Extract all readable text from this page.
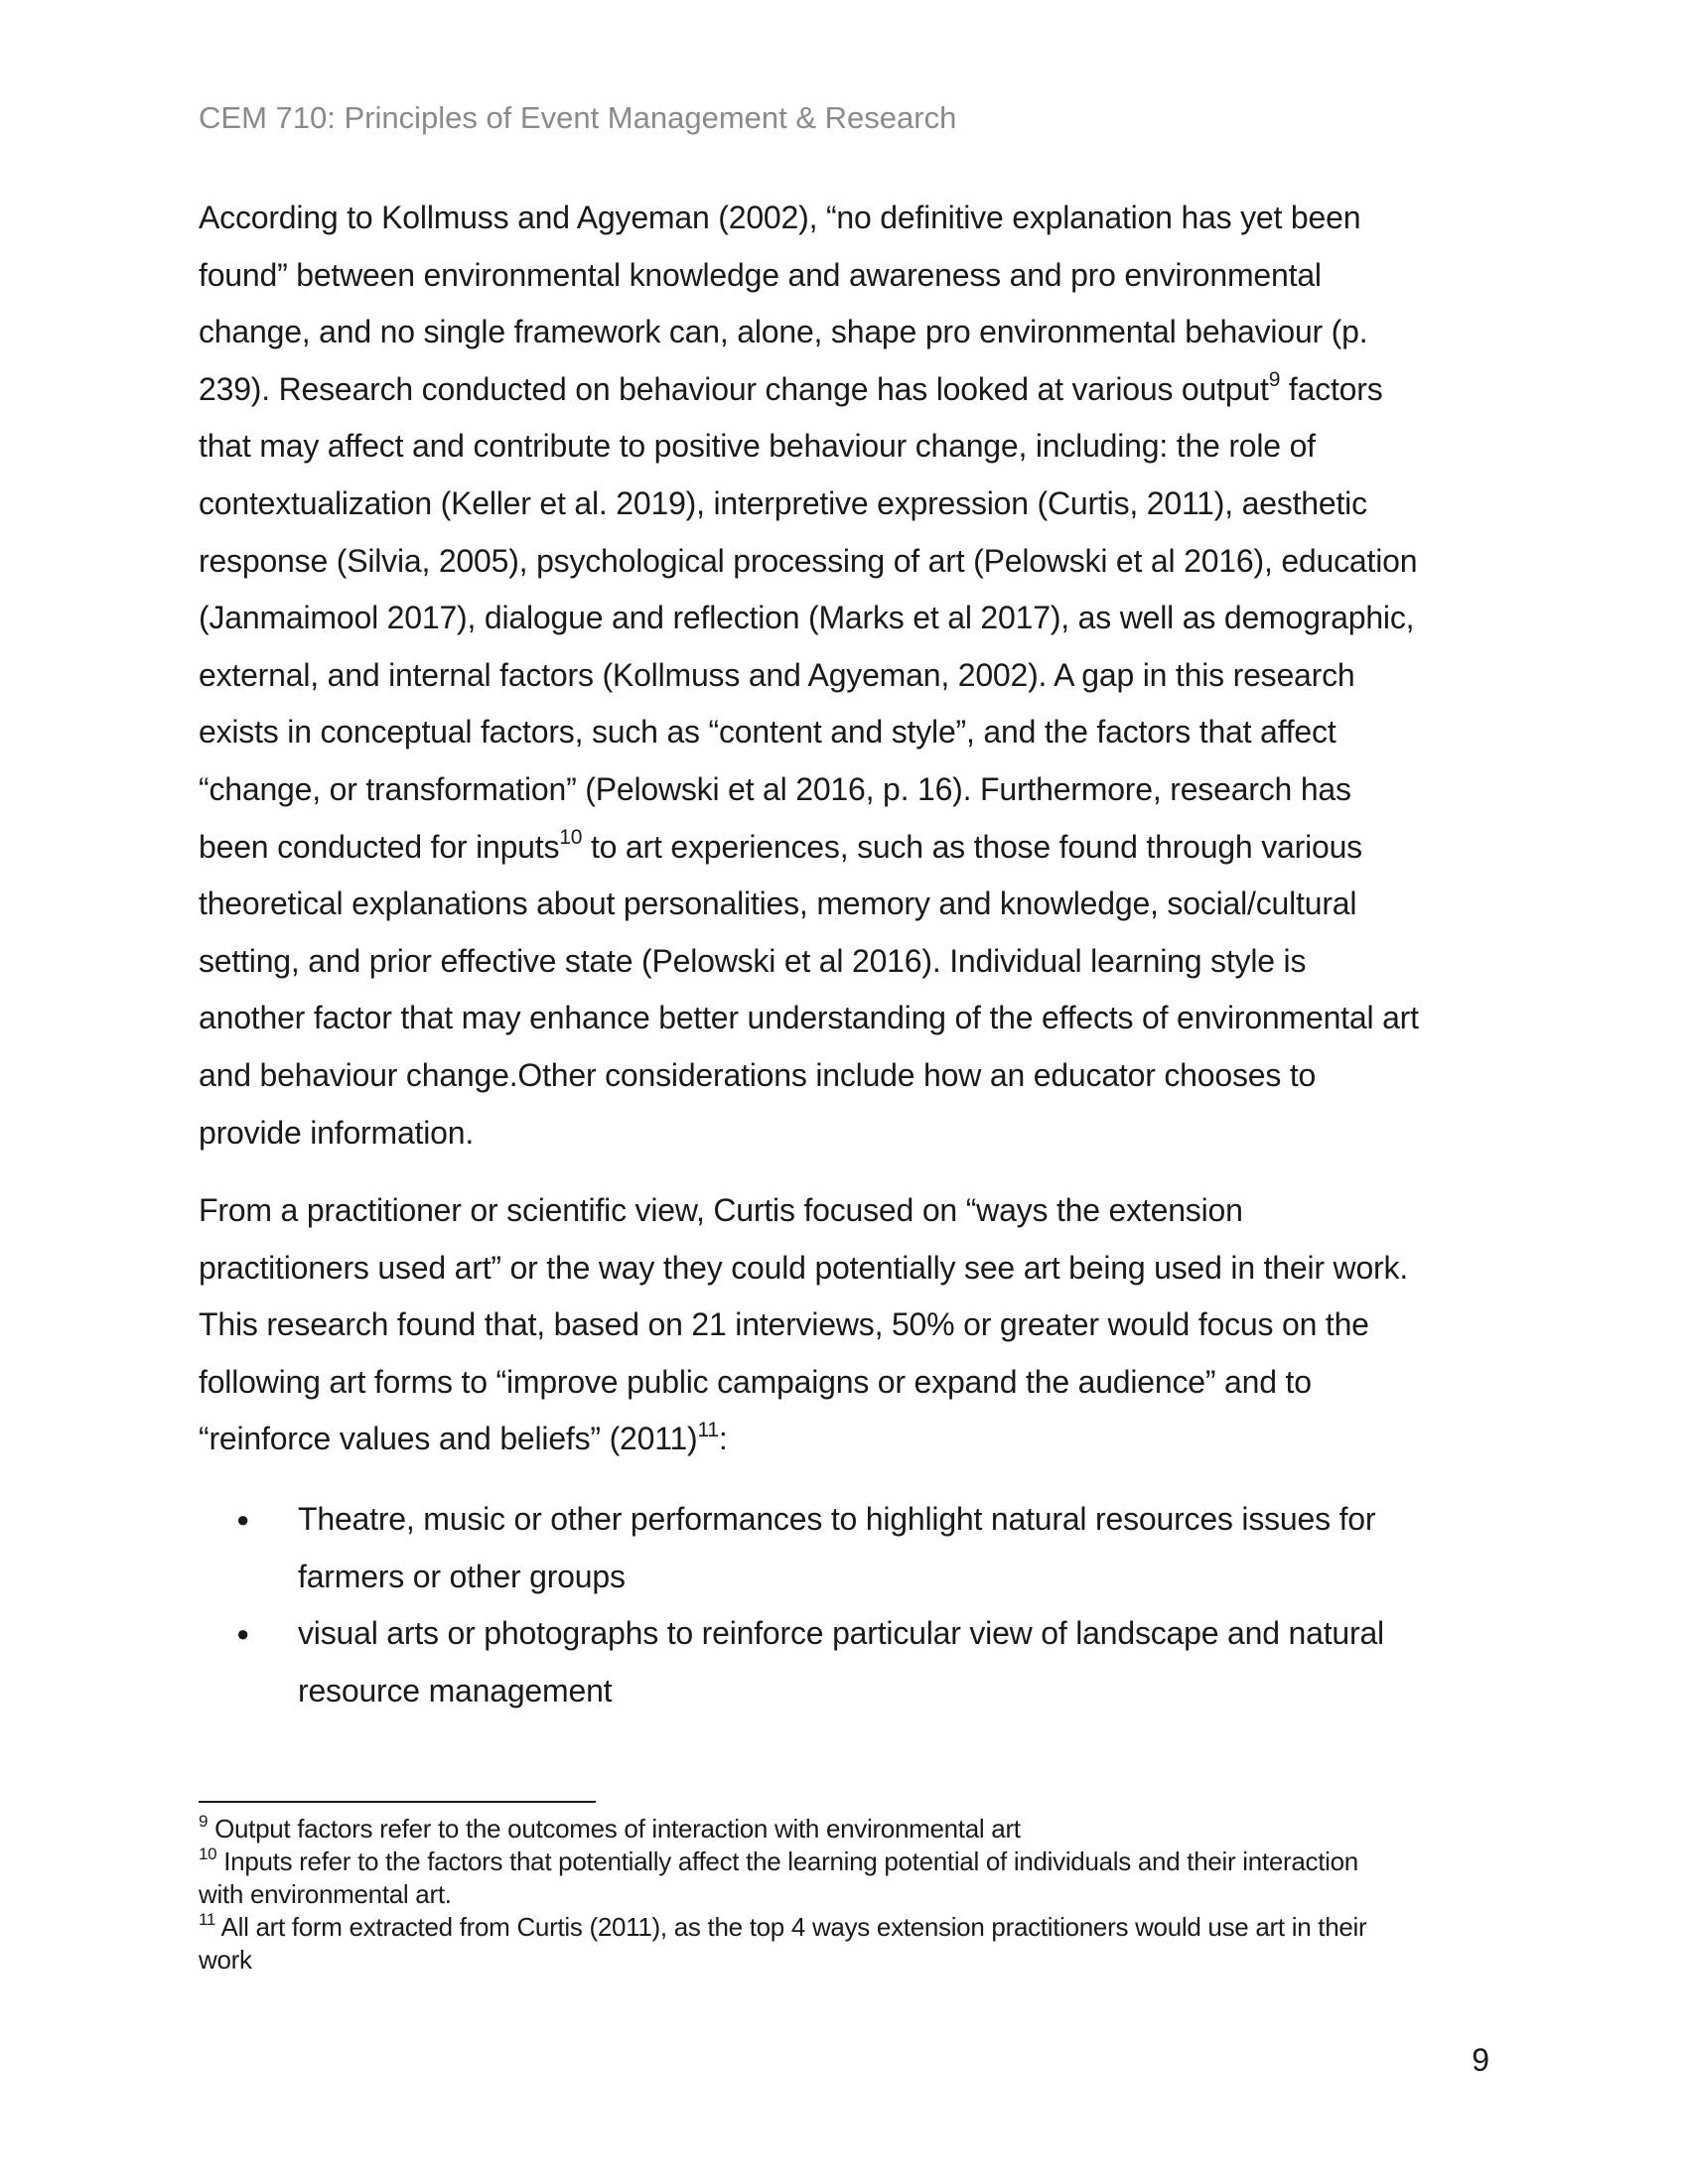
CEM 710: Principles of Event Management & Research
According to Kollmuss and Agyeman (2002), “no definitive explanation has yet been
found” between environmental knowledge and awareness and pro environmental
change, and no single framework can, alone, shape pro environmental behaviour (p.
239). Research conducted on behaviour change has looked at various output$^9$ factors
that may affect and contribute to positive behaviour change, including: the role of
contextualization (Keller et al. 2019), interpretive expression (Curtis, 2011), aesthetic
response (Silvia, 2005), psychological processing of art (Pelowski et al 2016), education
(Janmaimool 2017), dialogue and reflection (Marks et al 2017), as well as demographic,
external, and internal factors (Kollmuss and Agyeman, 2002). A gap in this research
exists in conceptual factors, such as “content and style”, and the factors that affect
“change, or transformation” (Pelowski et al 2016, p. 16). Furthermore, research has
been conducted for inputs$^{10}$ to art experiences, such as those found through various
theoretical explanations about personalities, memory and knowledge, social/cultural
setting, and prior effective state (Pelowski et al 2016). Individual learning style is
another factor that may enhance better understanding of the effects of environmental art
and behaviour change.Other considerations include how an educator chooses to
provide information.
From a practitioner or scientific view, Curtis focused on “ways the extension
practitioners used art” or the way they could potentially see art being used in their work.
This research found that, based on 21 interviews, 50% or greater would focus on the
following art forms to “improve public campaigns or expand the audience” and to
“reinforce values and beliefs” $(2011)^{11}$:
● Theatre, music or other performances to highlight natural resources issues for
farmers or other groups
● visual arts or photographs to reinforce particular view of landscape and natural
resource management
$^9$ Output factors refer to the outcomes of interaction with environmental art
$^{10}$ Inputs refer to the factors that potentially affect the learning potential of individuals and their interaction
with environmental art.
$^{11}$ All art form extracted from Curtis (2011), as the top 4 ways extension practitioners would use art in their
work
9
